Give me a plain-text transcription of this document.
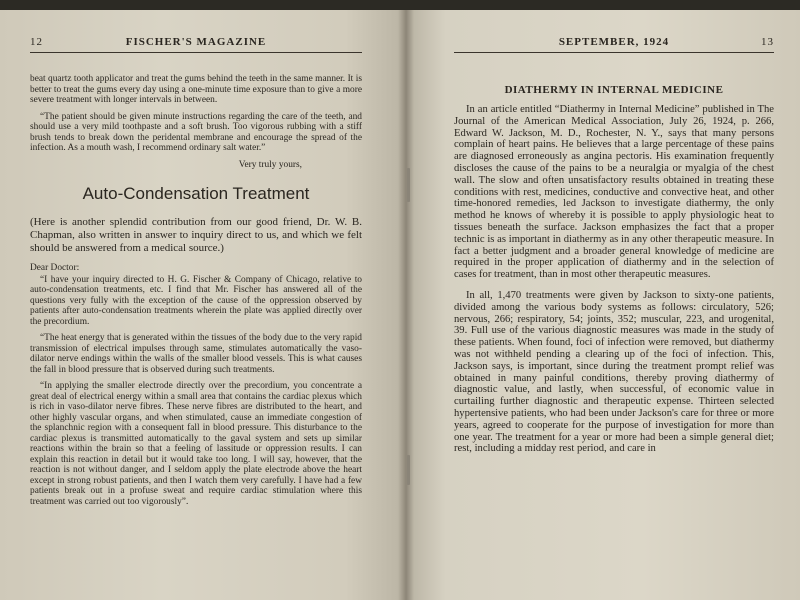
12	FISCHER'S MAGAZINE

beat quartz tooth applicator and treat the gums behind the teeth in the same manner. It is better to treat the gums every day using a one-minute time exposure than to give a more severe treatment with longer intervals in between.

“The patient should be given minute instructions regarding the care of the teeth, and should use a very mild toothpaste and a soft brush. Too vigorous rubbing with a stiff brush tends to break down the peridental membrane and encourage the spread of the infection. As a mouth wash, I recommend ordinary salt water.”

Very truly yours,

Auto-Condensation Treatment

(Here is another splendid contribution from our good friend, Dr. W. B. Chapman, also written in answer to inquiry direct to us, and which we felt should be answered from a medical source.)

Dear Doctor:

“I have your inquiry directed to H. G. Fischer & Company of Chicago, relative to auto-condensation treatments, etc. I find that Mr. Fischer has answered all of the questions very fully with the exception of the cause of the oppression observed by patients after auto-condensation treatments wherein the plate was applied directly over the precordium.

“The heat energy that is generated within the tissues of the body due to the very rapid transmission of electrical impulses through same, stimulates automatically the vaso-dilator nerve endings within the walls of the smaller blood vessels. This is what causes the fall in blood pressure that is observed during such treatments.

“In applying the smaller electrode directly over the precordium, you concentrate a great deal of electrical energy within a small area that contains the cardiac plexus which is rich in vaso-dilator nerve fibres. These nerve fibres are distributed to the heart, and other highly vascular organs, and when stimulated, cause an immediate congestion of the splanchnic region with a consequent fall in blood pressure. This disturbance to the cardiac plexus is transmitted automatically to the gaval system and sets up similar reactions within the brain so that a feeling of lassitude or oppression results. I can explain this reaction in detail but it would take too long. I will say, however, that the reaction is not without danger, and I seldom apply the plate electrode above the heart except in strong robust patients, and then I watch them very carefully. I have had a few patients break out in a profuse sweat and require cardiac stimulation where this treatment was carried out too vigorously”.

SEPTEMBER, 1924	13
DIATHERMY IN INTERNAL MEDICINE

In an article entitled “Diathermy in Internal Medicine” published in The Journal of the American Medical Association, July 26, 1924, p. 266, Edward W. Jackson, M. D., Rochester, N. Y., says that many persons complain of heart pains. He believes that a large percentage of these pains are diagnosed erroneously as angina pectoris. His examination frequently discloses the cause of the pains to be a neuralgia or myalgia of the chest wall. The slow and often unsatisfactory results obtained in treating these conditions with rest, medicines, conductive and convective heat, and other time-honored remedies, led Jackson to investigate diathermy, the only method he knows of whereby it is possible to apply physiologic heat to tissues beneath the surface. Jackson emphasizes the fact that a proper technic is as important in diathermy as in any other therapeutic measure. In fact a better judgment and a broader general knowledge of medicine are required in the proper application of diathermy and in the selection of cases for treatment, than in most other therapeutic measures.

In all, 1,470 treatments were given by Jackson to sixty-one patients, divided among the various body systems as follows: circulatory, 526; nervous, 266; respiratory, 54; joints, 352; muscular, 223, and urogenital, 39. Full use of the various diagnostic measures was made in the study of these patients. When found, foci of infection were removed, but diathermy was not withheld pending a clearing up of the foci of infection. This, Jackson says, is important, since during the treatment prompt relief was obtained in many painful conditions, thereby proving diathermy of diagnostic value, and lastly, when successful, of economic value in curtailing further diagnostic and therapeutic expense. Thirteen selected hypertensive patients, who had been under Jackson's care for three or more years, agreed to cooperate for the purpose of investigation for more than one year. The treatment for a year or more had been a simple general diet; rest, including a midday rest period, and care in
